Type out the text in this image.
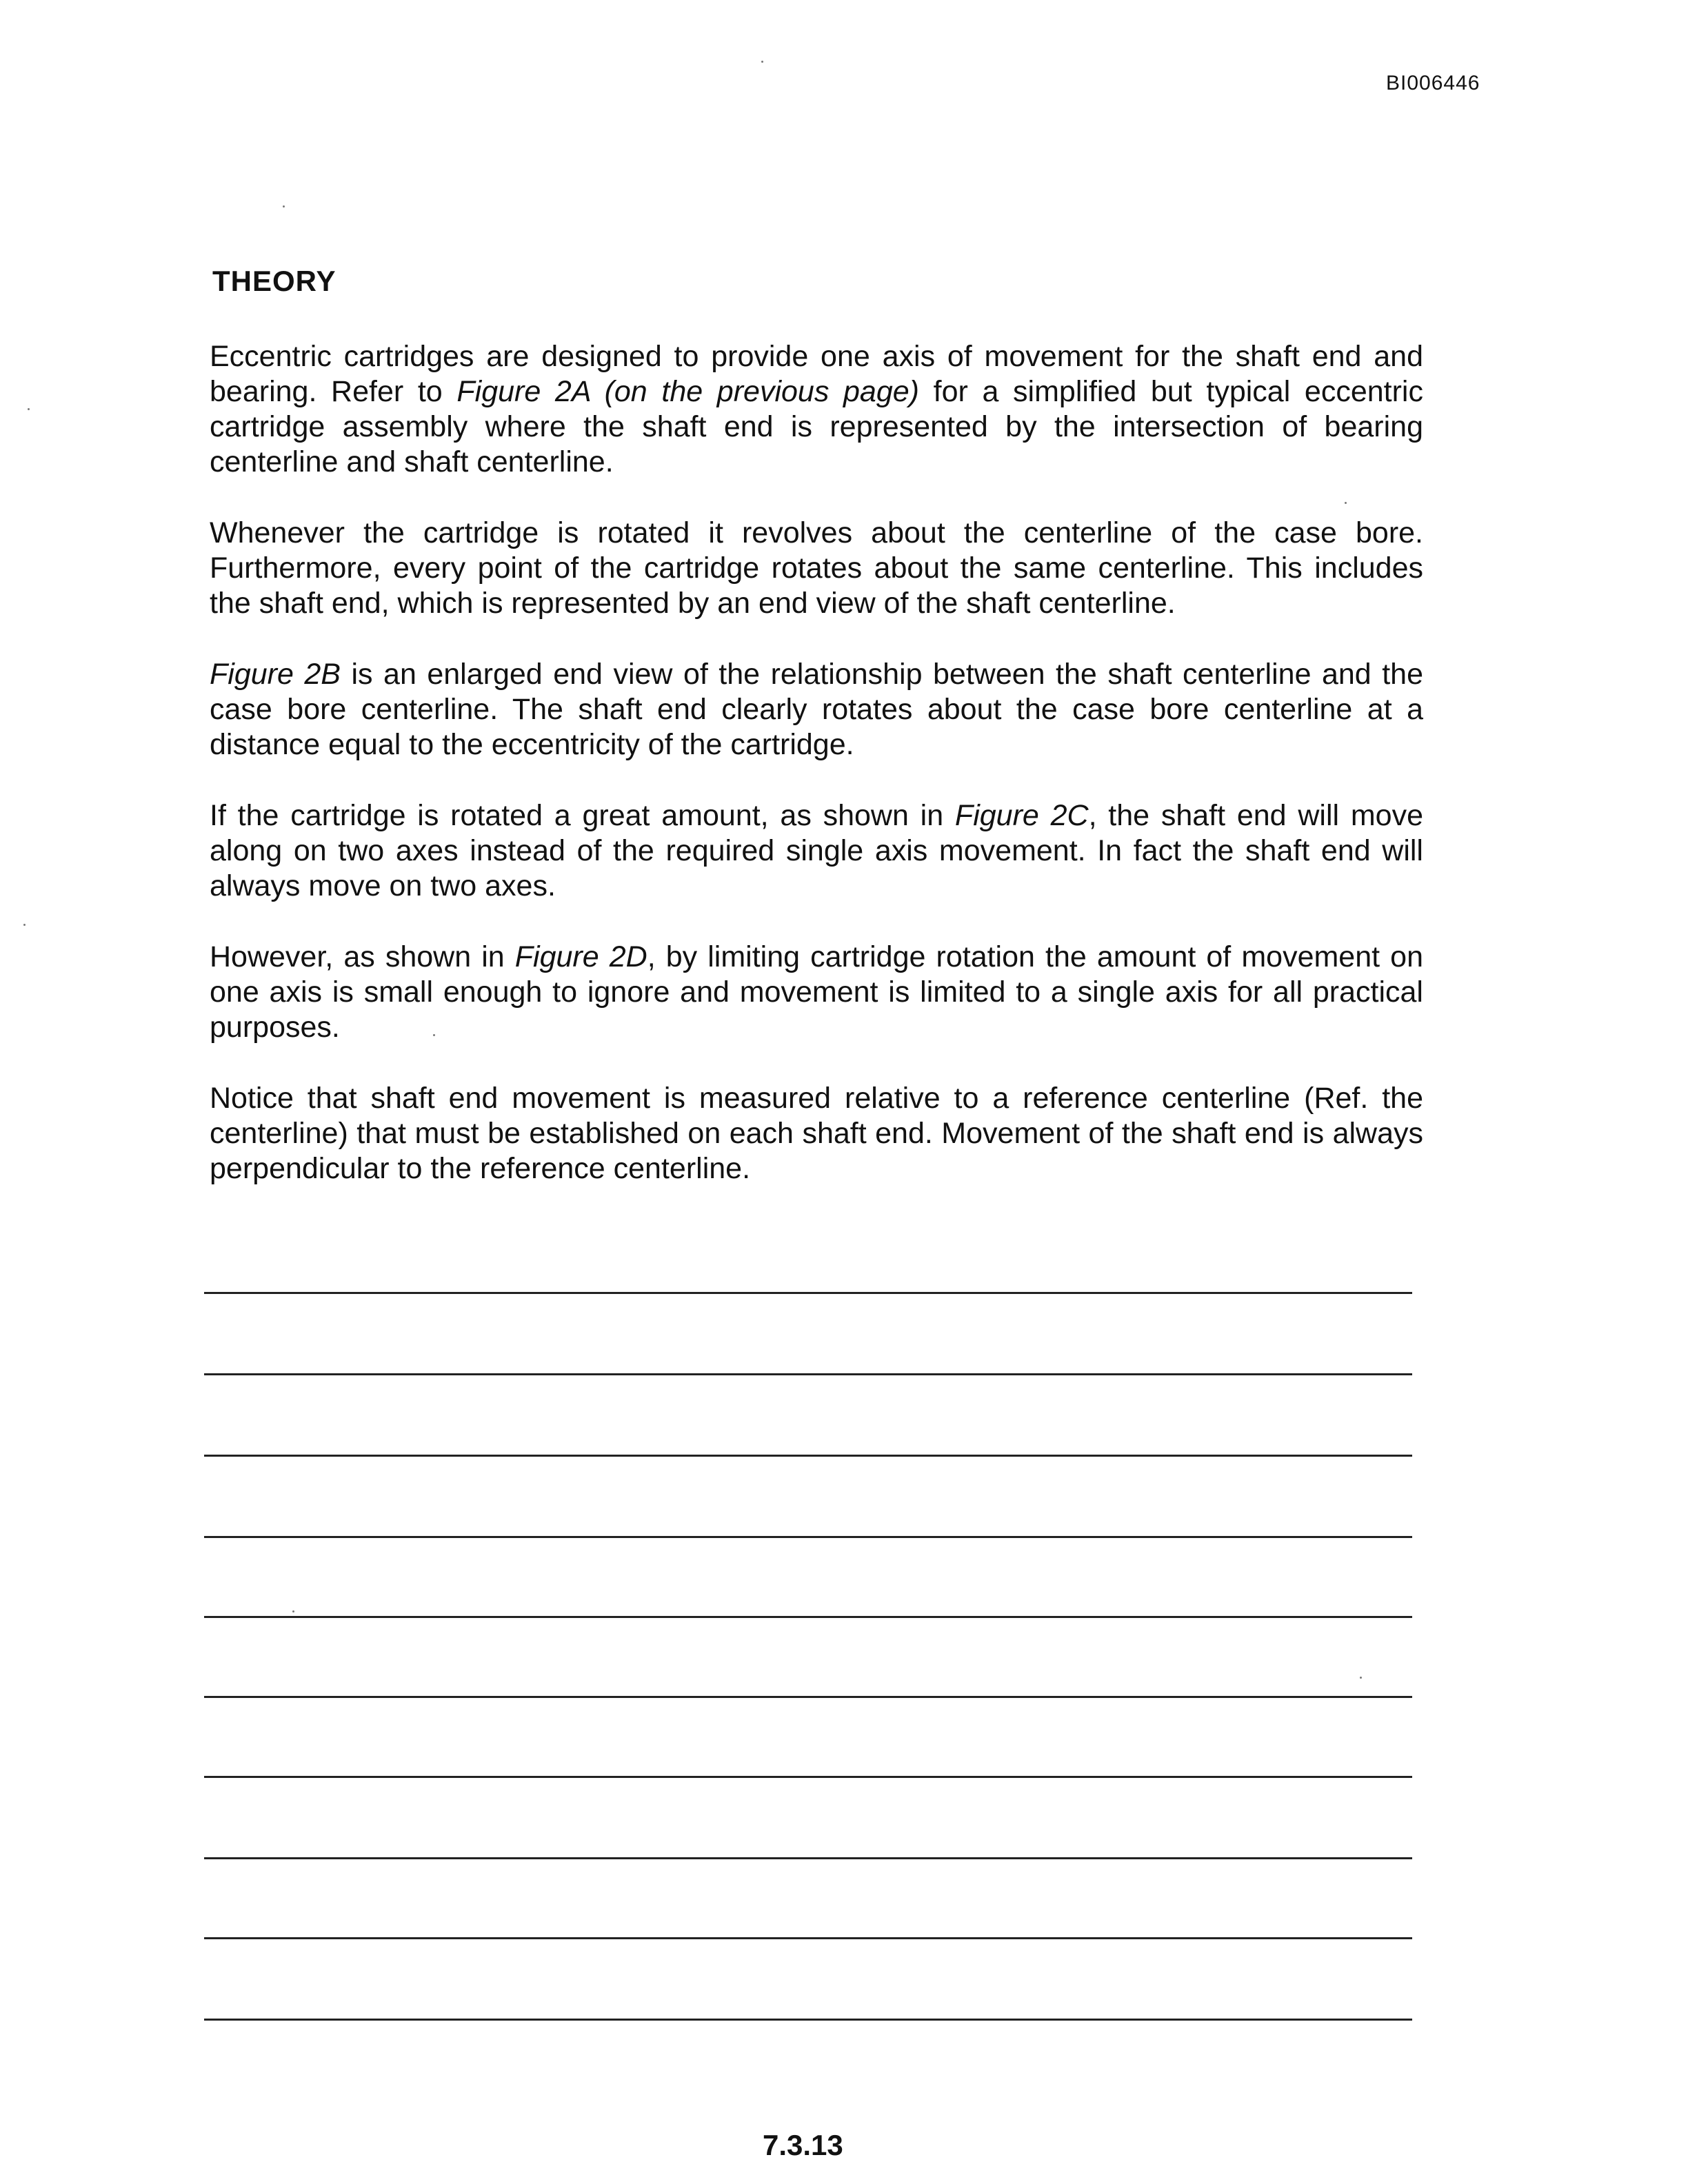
BI006446
THEORY

Eccentric cartridges are designed to provide one axis of movement for the shaft end and bearing. Refer to Figure 2A (on the previous page) for a simplified but typical eccentric cartridge assembly where the shaft end is represented by the intersection of bearing centerline and shaft centerline.

Whenever the cartridge is rotated it revolves about the centerline of the case bore. Furthermore, every point of the cartridge rotates about the same centerline. This includes the shaft end, which is represented by an end view of the shaft centerline.

Figure 2B is an enlarged end view of the relationship between the shaft centerline and the case bore centerline. The shaft end clearly rotates about the case bore centerline at a distance equal to the eccentricity of the cartridge.

If the cartridge is rotated a great amount, as shown in Figure 2C, the shaft end will move along on two axes instead of the required single axis movement. In fact the shaft end will always move on two axes.

However, as shown in Figure 2D, by limiting cartridge rotation the amount of movement on one axis is small enough to ignore and movement is limited to a single axis for all practical purposes.

Notice that shaft end movement is measured relative to a reference centerline (Ref. the centerline) that must be established on each shaft end. Movement of the shaft end is always perpendicular to the reference centerline.

7.3.13
